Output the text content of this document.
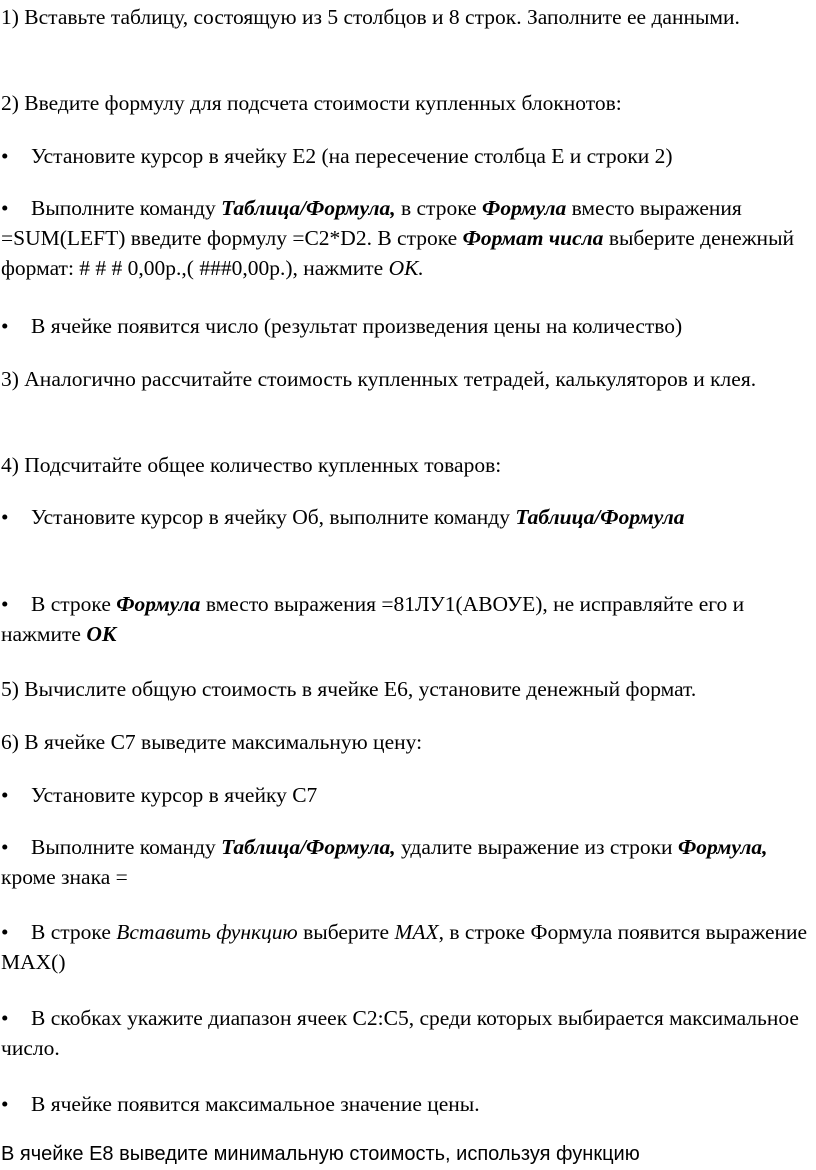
1) Вставьте таблицу, состоящую из 5 столбцов и 8 строк. Заполните ее данными.

2) Введите формулу для подсчета стоимости купленных блокнотов:

• Установите курсор в ячейку Е2 (на пересечение столбца Е и строки 2)

• Выполните команду Таблица/Формула, в строке Формула вместо выражения =SUM(LEFT) введите формулу =C2*D2. В строке Формат числа выберите денежный формат: # # # 0,00р.,( ###0,00р.), нажмите ОК.

• В ячейке появится число (результат произведения цены на количество)

3) Аналогично рассчитайте стоимость купленных тетрадей, калькуляторов и клея.

4) Подсчитайте общее количество купленных товаров:

• Установите курсор в ячейку Об, выполните команду Таблица/Формула

• В строке Формула вместо выражения =81ЛУ1(АВОУЕ), не исправляйте его и нажмите ОК

5) Вычислите общую стоимость в ячейке Е6, установите денежный формат.

6) В ячейке С7 выведите максимальную цену:

• Установите курсор в ячейку С7

• Выполните команду Таблица/Формула, удалите выражение из строки Формула, кроме знака =

• В строке Вставить функцию выберите MAX, в строке Формула появится выражение MAX()

• В скобках укажите диапазон ячеек С2:С5, среди которых выбирается максимальное число.

• В ячейке появится максимальное значение цены.

В ячейке Е8 выведите минимальную стоимость, используя функцию
